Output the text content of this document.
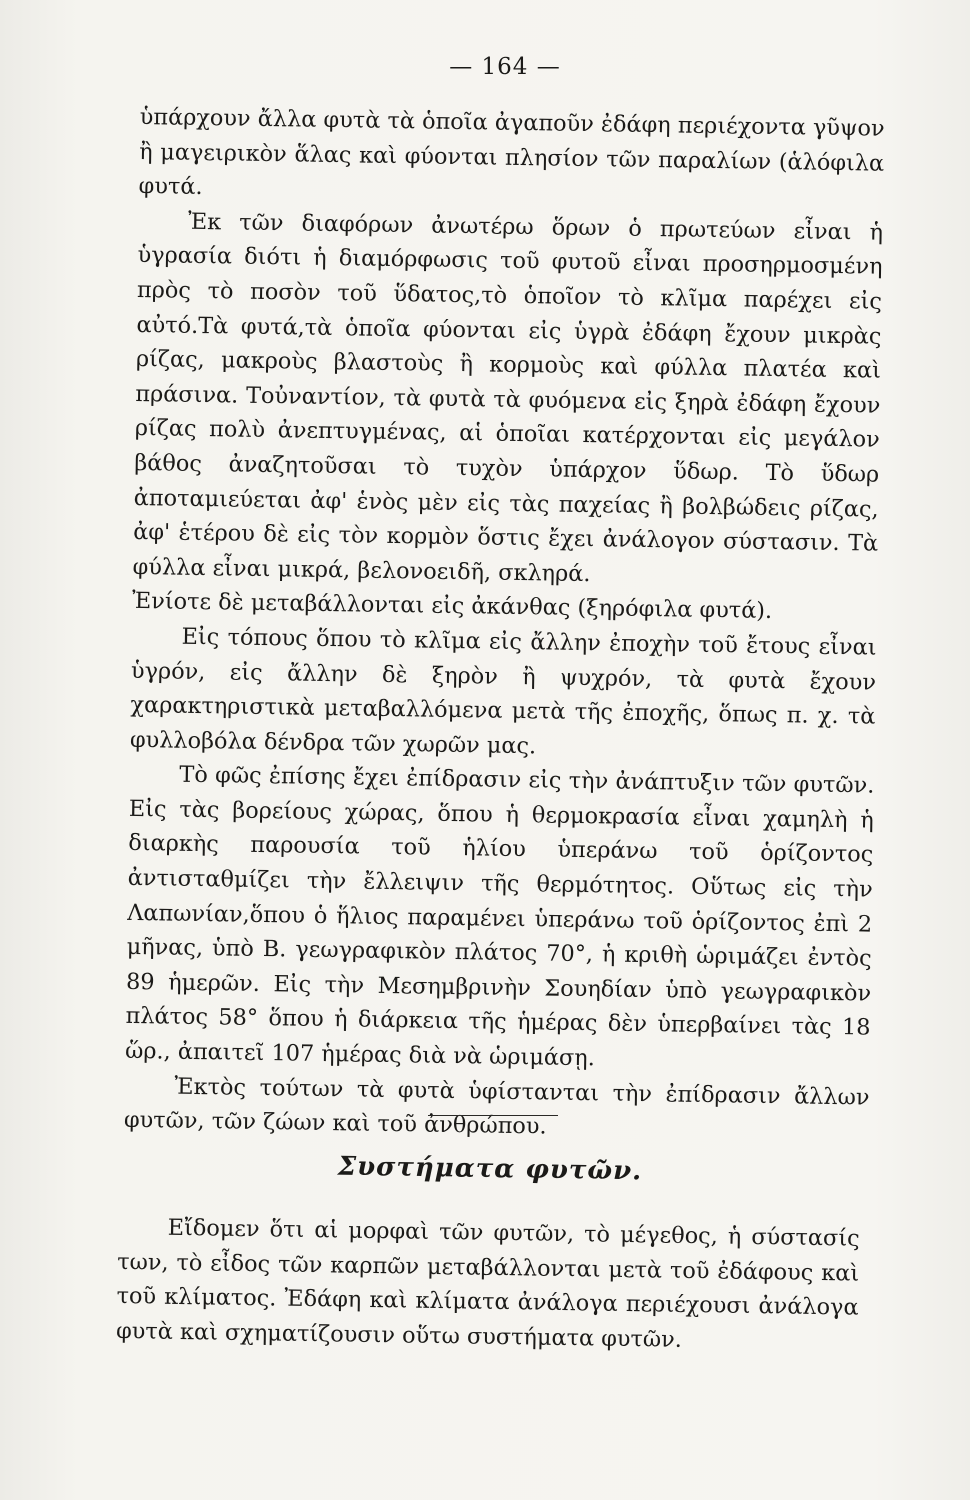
— 164 —

ὑπάρχουν ἄλλα φυτὰ τὰ ὁποῖα ἀγαποῦν ἐδάφη περιέχοντα γῦψον ἢ μαγειρικὸν ἅλας καὶ φύονται πλησίον τῶν παραλίων (ἁλόφιλα φυτά.

Ἐκ τῶν διαφόρων ἀνωτέρω ὅρων ὁ πρωτεύων εἶναι ἡ ὑγρασία διότι ἡ διαμόρφωσις τοῦ φυτοῦ εἶναι προσηρμοσμένη πρὸς τὸ ποσὸν τοῦ ὕδατος,τὸ ὁποῖον τὸ κλῖμα παρέχει εἰς αὐτό.Τὰ φυτά,τὰ ὁποῖα φύονται εἰς ὑγρὰ ἐδάφη ἔχουν μικρὰς ρίζας, μακροὺς βλαστοὺς ἢ κορμοὺς καὶ φύλλα πλατέα καὶ πράσινα. Τοὐναντίον, τὰ φυτὰ τὰ φυόμενα εἰς ξηρὰ ἐδάφη ἔχουν ρίζας πολὺ ἀνεπτυγμένας, αἱ ὁποῖαι κατέρχονται εἰς μεγάλον βάθος ἀναζητοῦσαι τὸ τυχὸν ὑπάρχον ὕδωρ. Τὸ ὕδωρ ἀποταμιεύεται ἀφ' ἑνὸς μὲν εἰς τὰς παχείας ἢ βολβώδεις ρίζας, ἀφ' ἑτέρου δὲ εἰς τὸν κορμὸν ὅστις ἔχει ἀνάλογον σύστασιν. Τὰ φύλλα εἶναι μικρά, βελονοειδῆ, σκληρά.

Ἐνίοτε δὲ μεταβάλλονται εἰς ἀκάνθας (ξηρόφιλα φυτά).

Εἰς τόπους ὅπου τὸ κλῖμα εἰς ἄλλην ἐποχὴν τοῦ ἔτους εἶναι ὑγρόν, εἰς ἄλλην δὲ ξηρὸν ἢ ψυχρόν, τὰ φυτὰ ἔχουν χαρακτηριστικὰ μεταβαλλόμενα μετὰ τῆς ἐποχῆς, ὅπως π. χ. τὰ φυλλοβόλα δένδρα τῶν χωρῶν μας.

Τὸ φῶς ἐπίσης ἔχει ἐπίδρασιν εἰς τὴν ἀνάπτυξιν τῶν φυτῶν. Εἰς τὰς βορείους χώρας, ὅπου ἡ θερμοκρασία εἶναι χαμηλὴ ἡ διαρκὴς παρουσία τοῦ ἡλίου ὑπεράνω τοῦ ὁρίζοντος ἀντισταθμίζει τὴν ἔλλειψιν τῆς θερμότητος. Οὕτως εἰς τὴν Λαπωνίαν,ὅπου ὁ ἥλιος παραμένει ὑπεράνω τοῦ ὁρίζοντος ἐπὶ 2 μῆνας, ὑπὸ Β. γεωγραφικὸν πλάτος 70°, ἡ κριθὴ ὡριμάζει ἐντὸς 89 ἡμερῶν. Εἰς τὴν Μεσημβρινὴν Σουηδίαν ὑπὸ γεωγραφικὸν πλάτος 58° ὅπου ἡ διάρκεια τῆς ἡμέρας δὲν ὑπερβαίνει τὰς 18 ὥρ., ἀπαιτεῖ 107 ἡμέρας διὰ νὰ ὡριμάσῃ.

Ἐκτὸς τούτων τὰ φυτὰ ὑφίστανται τὴν ἐπίδρασιν ἄλλων φυτῶν, τῶν ζώων καὶ τοῦ ἀνθρώπου.

Συστήματα φυτῶν.

Εἴδομεν ὅτι αἱ μορφαὶ τῶν φυτῶν, τὸ μέγεθος, ἡ σύστασίς των, τὸ εἶδος τῶν καρπῶν μεταβάλλονται μετὰ τοῦ ἐδάφους καὶ τοῦ κλίματος. Ἐδάφη καὶ κλίματα ἀνάλογα περιέχουσι ἀνάλογα φυτὰ καὶ σχηματίζουσιν οὕτω συστήματα φυτῶν.
